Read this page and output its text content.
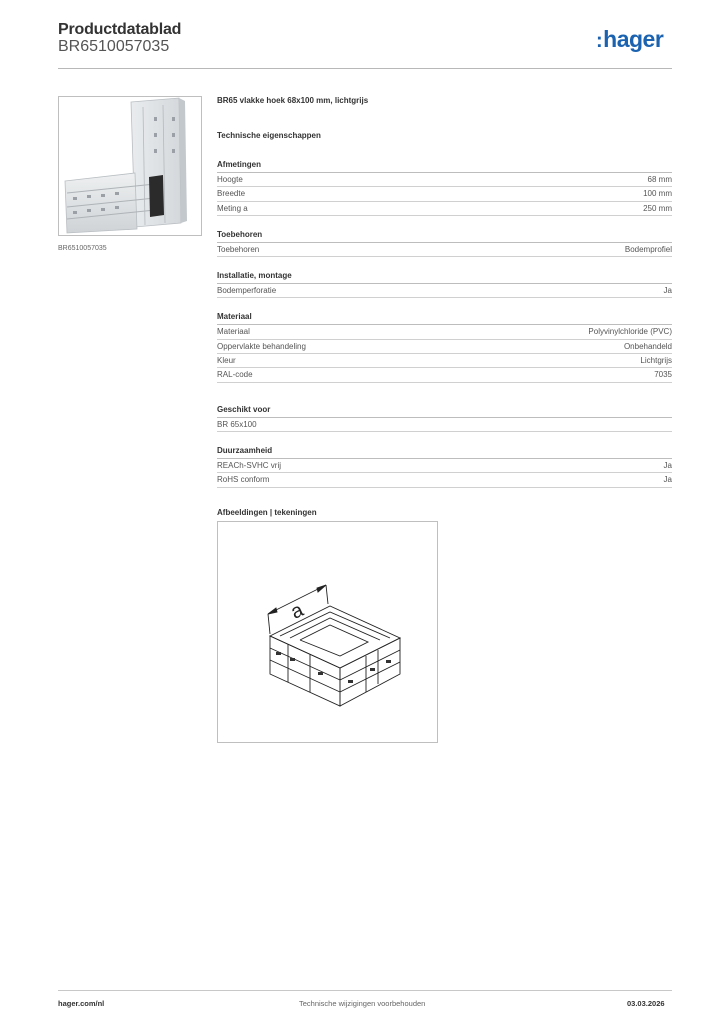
Productdatablad
BR6510057035	:hager
BR6510057035
BR65 vlakke hoek 68x100 mm, lichtgrijs
Technische eigenschappen
Afmetingen
Hoogte	68 mm
Breedte	100 mm
Meting a	250 mm
Toebehoren
Toebehoren	Bodemprofiel
Installatie, montage
Bodemperforatie	Ja
Materiaal
Materiaal	Polyvinylchloride (PVC)
Oppervlakte behandeling	Onbehandeld
Kleur	Lichtgrijs
RAL-code	7035
Geschikt voor
BR 65x100
Duurzaamheid
REACh-SVHC vrij	Ja
RoHS conform	Ja
Afbeeldingen | tekeningen
a
hager.com/nl	Technische wijzigingen voorbehouden	03.03.2026
